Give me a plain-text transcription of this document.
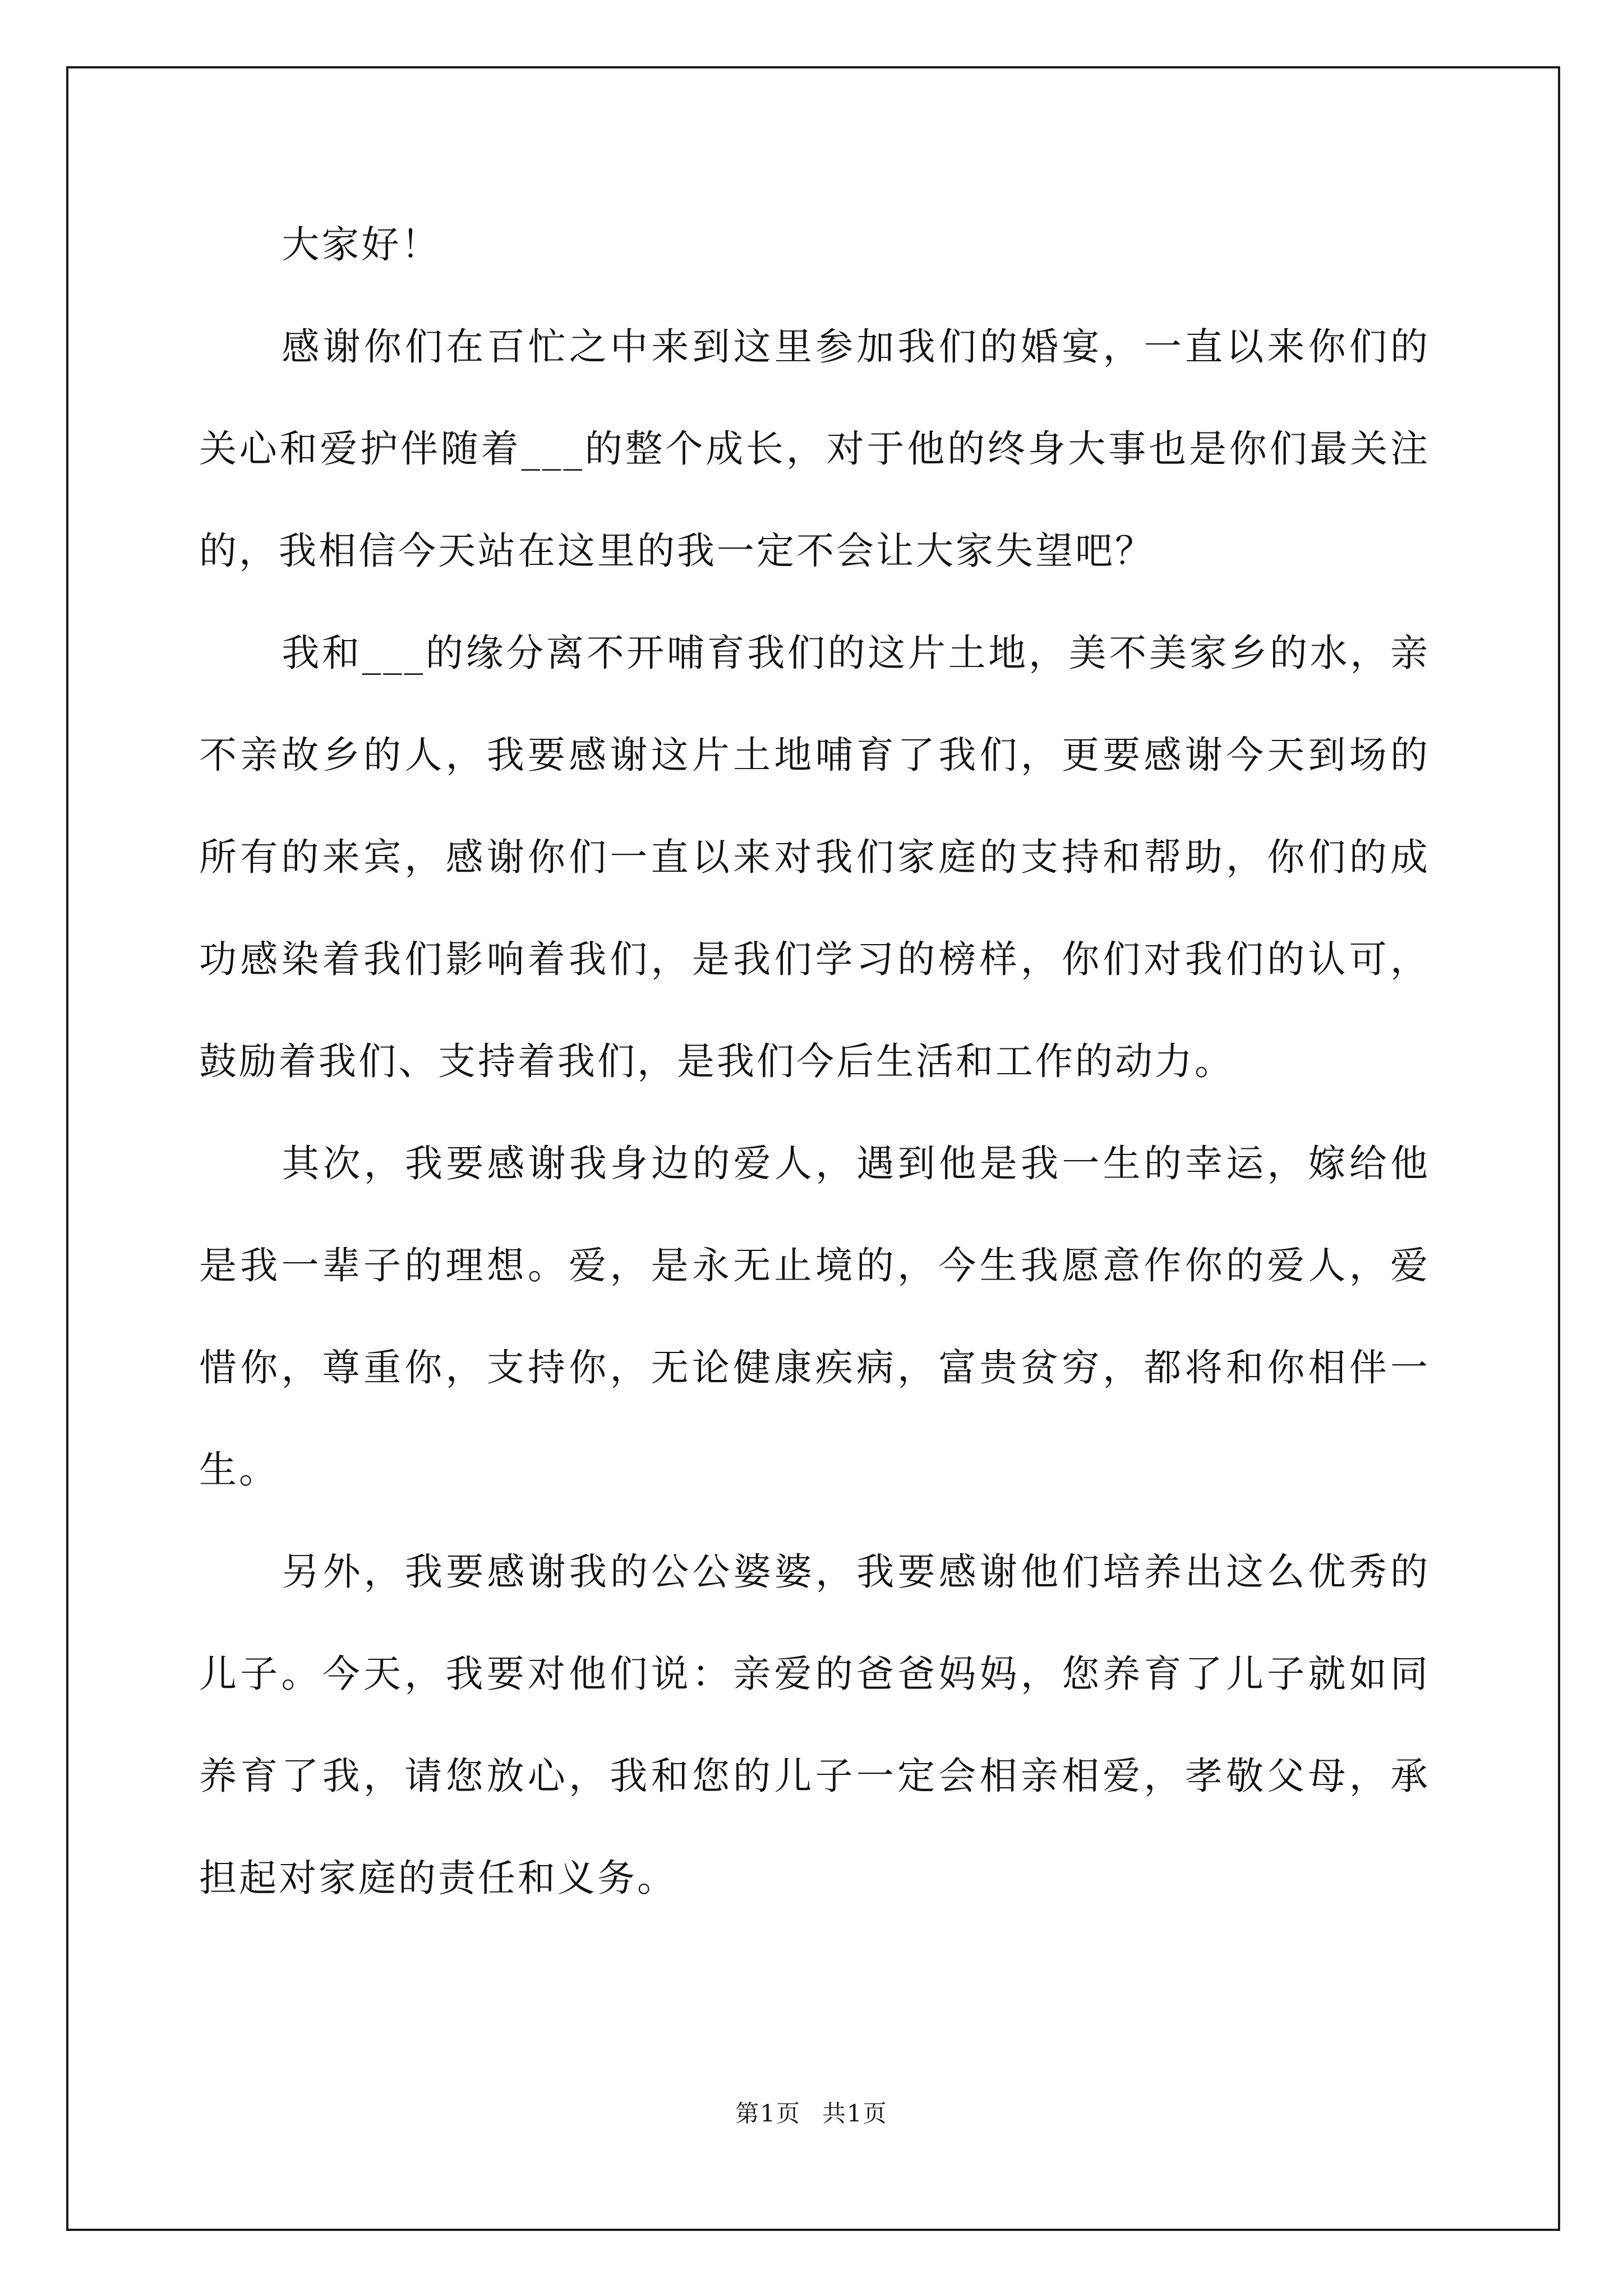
大家好！

感谢你们在百忙之中来到这里参加我们的婚宴，一直以来你们的关心和爱护伴随着___的整个成长，对于他的终身大事也是你们最关注的，我相信今天站在这里的我一定不会让大家失望吧？

我和___的缘分离不开哺育我们的这片土地，美不美家乡的水，亲不亲故乡的人，我要感谢这片土地哺育了我们，更要感谢今天到场的所有的来宾，感谢你们一直以来对我们家庭的支持和帮助，你们的成功感染着我们影响着我们，是我们学习的榜样，你们对我们的认可，鼓励着我们、支持着我们，是我们今后生活和工作的动力。

其次，我要感谢我身边的爱人，遇到他是我一生的幸运，嫁给他是我一辈子的理想。爱，是永无止境的，今生我愿意作你的爱人，爱惜你，尊重你，支持你，无论健康疾病，富贵贫穷，都将和你相伴一生。

另外，我要感谢我的公公婆婆，我要感谢他们培养出这么优秀的儿子。今天，我要对他们说：亲爱的爸爸妈妈，您养育了儿子就如同养育了我，请您放心，我和您的儿子一定会相亲相爱，孝敬父母，承担起对家庭的责任和义务。

第1页 共1页
